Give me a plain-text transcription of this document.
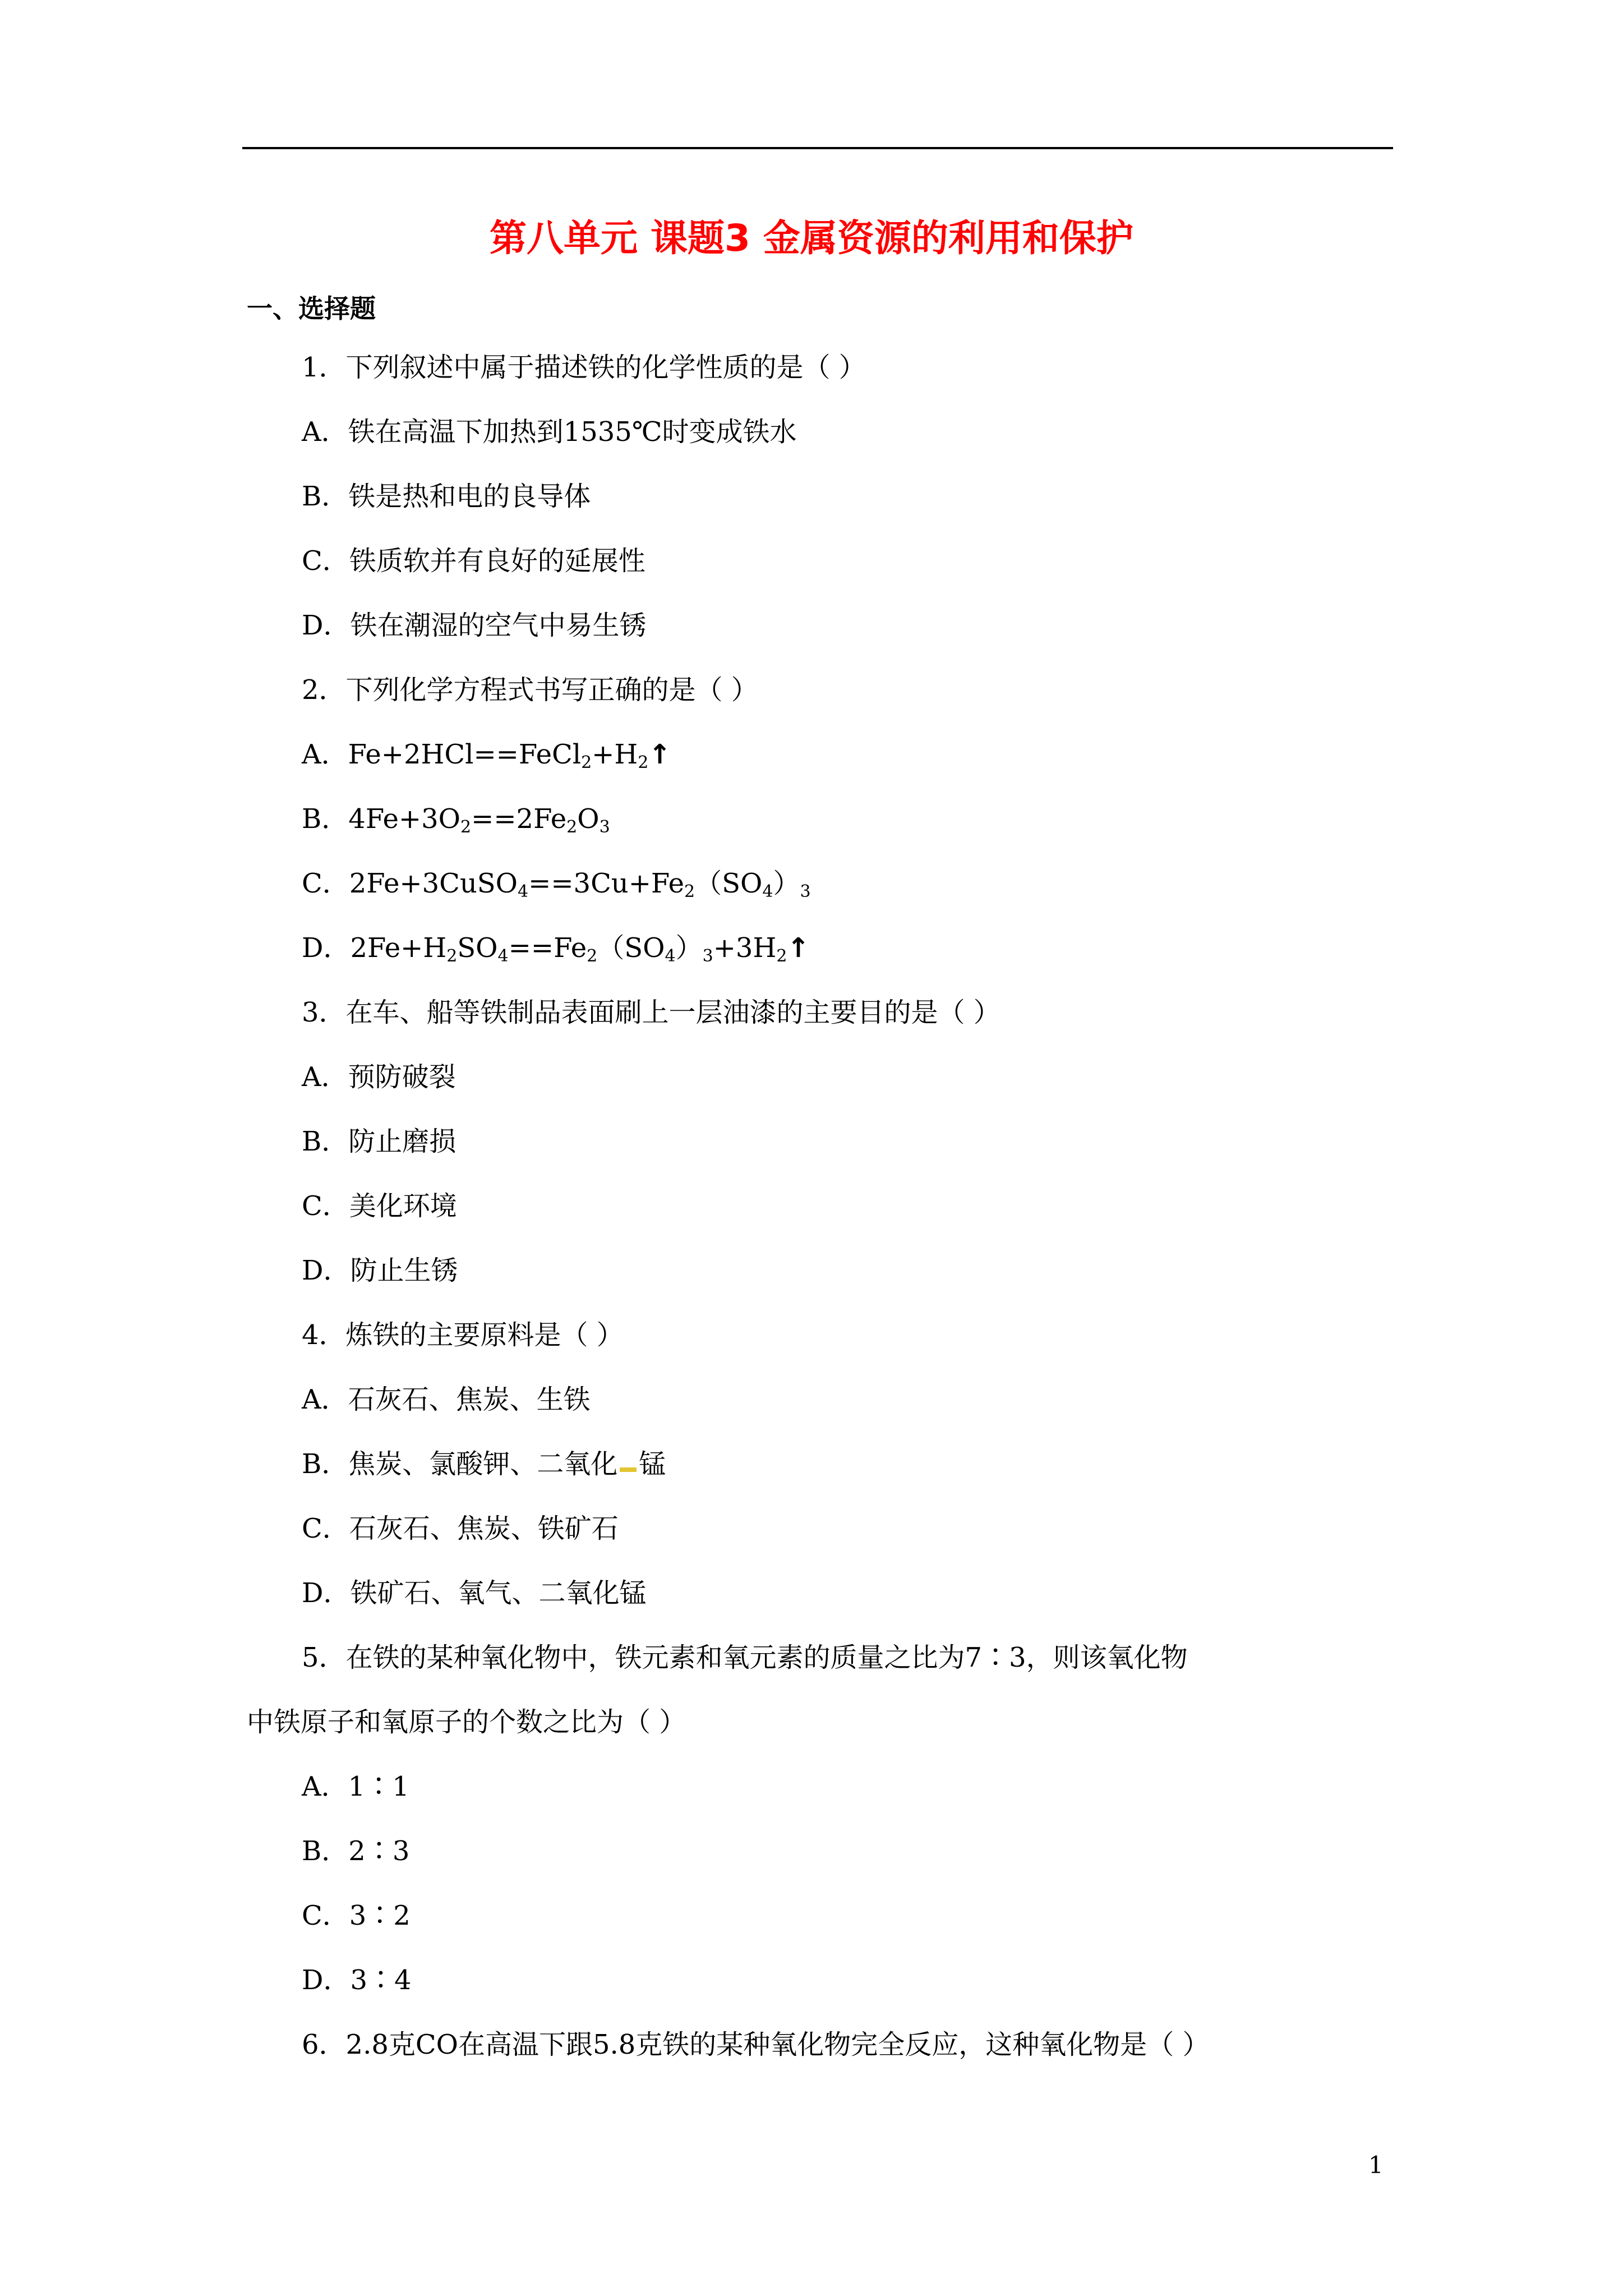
第八单元 课题3 金属资源的利用和保护
一、选择题
1．下列叙述中属于描述铁的化学性质的是（ ）
A．铁在高温下加热到1535℃时变成铁水
B．铁是热和电的良导体
C．铁质软并有良好的延展性
D．铁在潮湿的空气中易生锈
2．下列化学方程式书写正确的是（ ）
A．$Fe+2HCl==FeCl_2+H_2↑$
B．$4Fe+3O_2==2Fe_2O_3$
C．$2Fe+3CuSO_4==3Cu+Fe_2(SO_4)_3$
D．$2Fe+H_2SO_4==Fe_2(SO_4)_3+3H_2↑$
3．在车、船等铁制品表面刷上一层油漆的主要目的是（ ）
A．预防破裂
B．防止磨损
C．美化环境
D．防止生锈
4．炼铁的主要原料是（ ）
A．石灰石、焦炭、生铁
B．焦炭、氯酸钾、二氧化 锰
C．石灰石、焦炭、铁矿石
D．铁矿石、氧气、二氧化锰
5．在铁的某种氧化物中，铁元素和氧元素的质量之比为7∶3，则该氧化物
中铁原子和氧原子的个数之比为（ ）
A．1∶1
B．2∶3
C．3∶2
D．3∶4
6．2.8克CO在高温下跟5.8克铁的某种氧化物完全反应，这种氧化物是（ ）
1
